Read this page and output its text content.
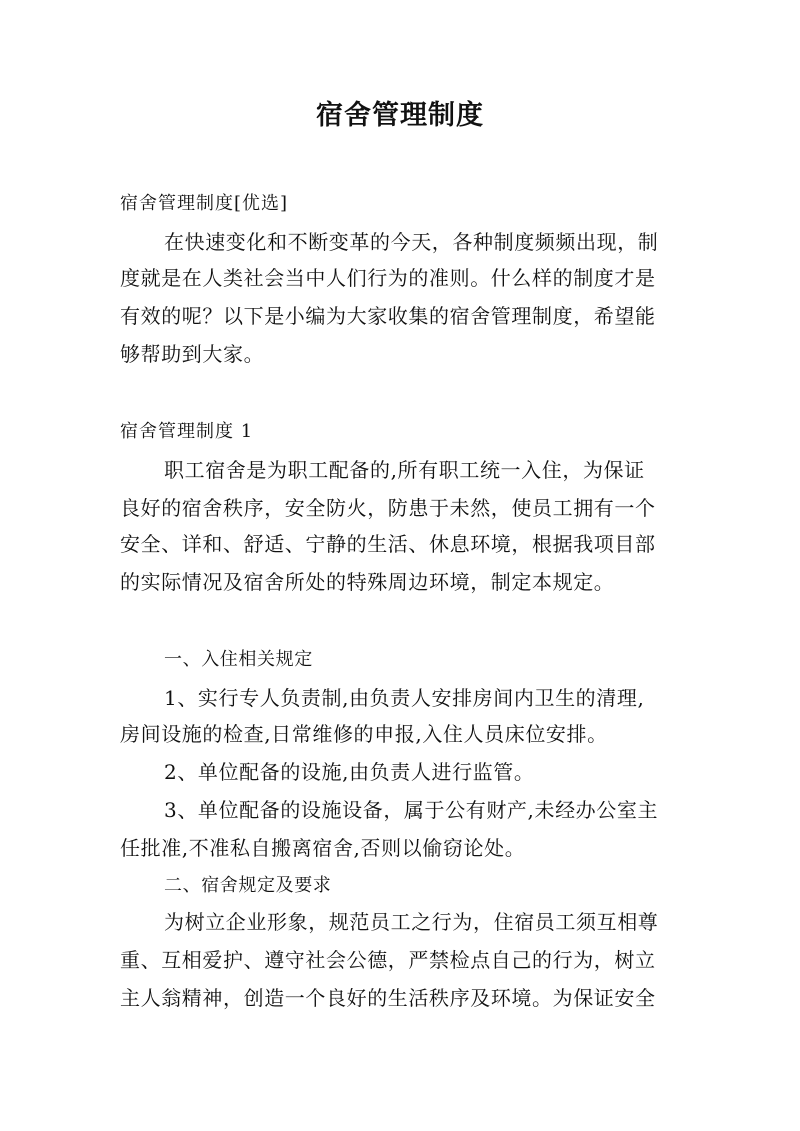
宿舍管理制度

宿舍管理制度[优选]

在快速变化和不断变革的今天，各种制度频频出现，制

度就是在人类社会当中人们行为的准则。什么样的制度才是

有效的呢？以下是小编为大家收集的宿舍管理制度，希望能

够帮助到大家。

宿舍管理制度 1

职工宿舍是为职工配备的,所有职工统一入住，为保证

良好的宿舍秩序，安全防火，防患于未然，使员工拥有一个

安全、详和、舒适、宁静的生活、休息环境，根据我项目部

的实际情况及宿舍所处的特殊周边环境，制定本规定。

一、入住相关规定

1、实行专人负责制,由负责人安排房间内卫生的清理,

房间设施的检查,日常维修的申报,入住人员床位安排。

2、单位配备的设施,由负责人进行监管。

3、单位配备的设施设备，属于公有财产,未经办公室主

任批准,不准私自搬离宿舍,否则以偷窃论处。

二、宿舍规定及要求

为树立企业形象，规范员工之行为，住宿员工须互相尊

重、互相爱护、遵守社会公德，严禁检点自己的行为，树立

主人翁精神，创造一个良好的生活秩序及环境。为保证安全
